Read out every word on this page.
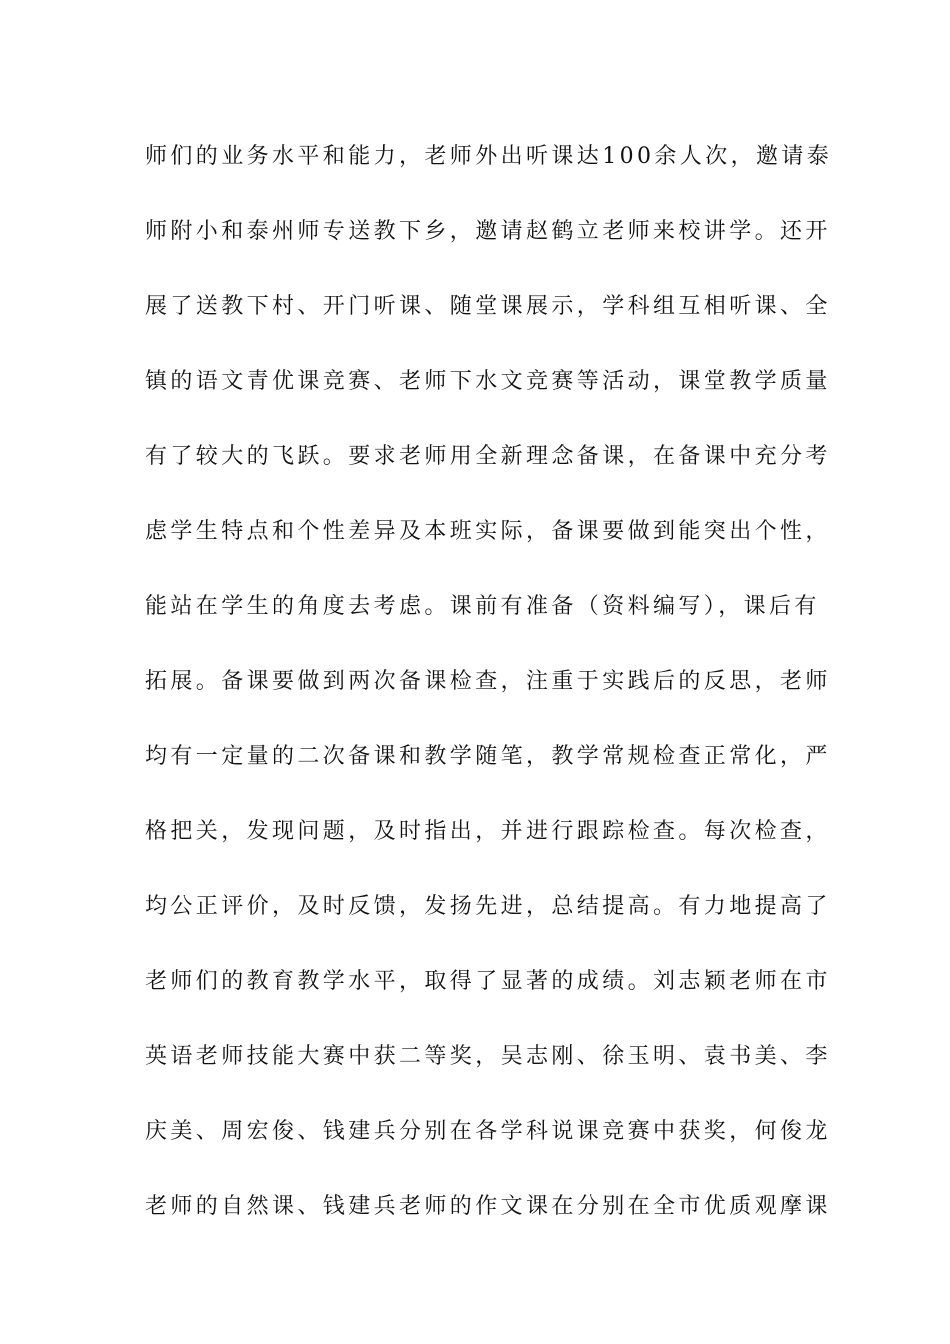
师们的业务水平和能力，老师外出听课达100余人次，邀请泰
师附小和泰州师专送教下乡，邀请赵鹤立老师来校讲学。还开
展了送教下村、开门听课、随堂课展示，学科组互相听课、全
镇的语文青优课竞赛、老师下水文竞赛等活动，课堂教学质量
有了较大的飞跃。要求老师用全新理念备课，在备课中充分考
虑学生特点和个性差异及本班实际，备课要做到能突出个性，
能站在学生的角度去考虑。课前有准备（资料编写），课后有
拓展。备课要做到两次备课检查，注重于实践后的反思，老师
均有一定量的二次备课和教学随笔，教学常规检查正常化，严
格把关，发现问题，及时指出，并进行跟踪检查。每次检查，
均公正评价，及时反馈，发扬先进，总结提高。有力地提高了
老师们的教育教学水平，取得了显著的成绩。刘志颖老师在市
英语老师技能大赛中获二等奖，吴志刚、徐玉明、袁书美、李
庆美、周宏俊、钱建兵分别在各学科说课竞赛中获奖，何俊龙
老师的自然课、钱建兵老师的作文课在分别在全市优质观摩课
